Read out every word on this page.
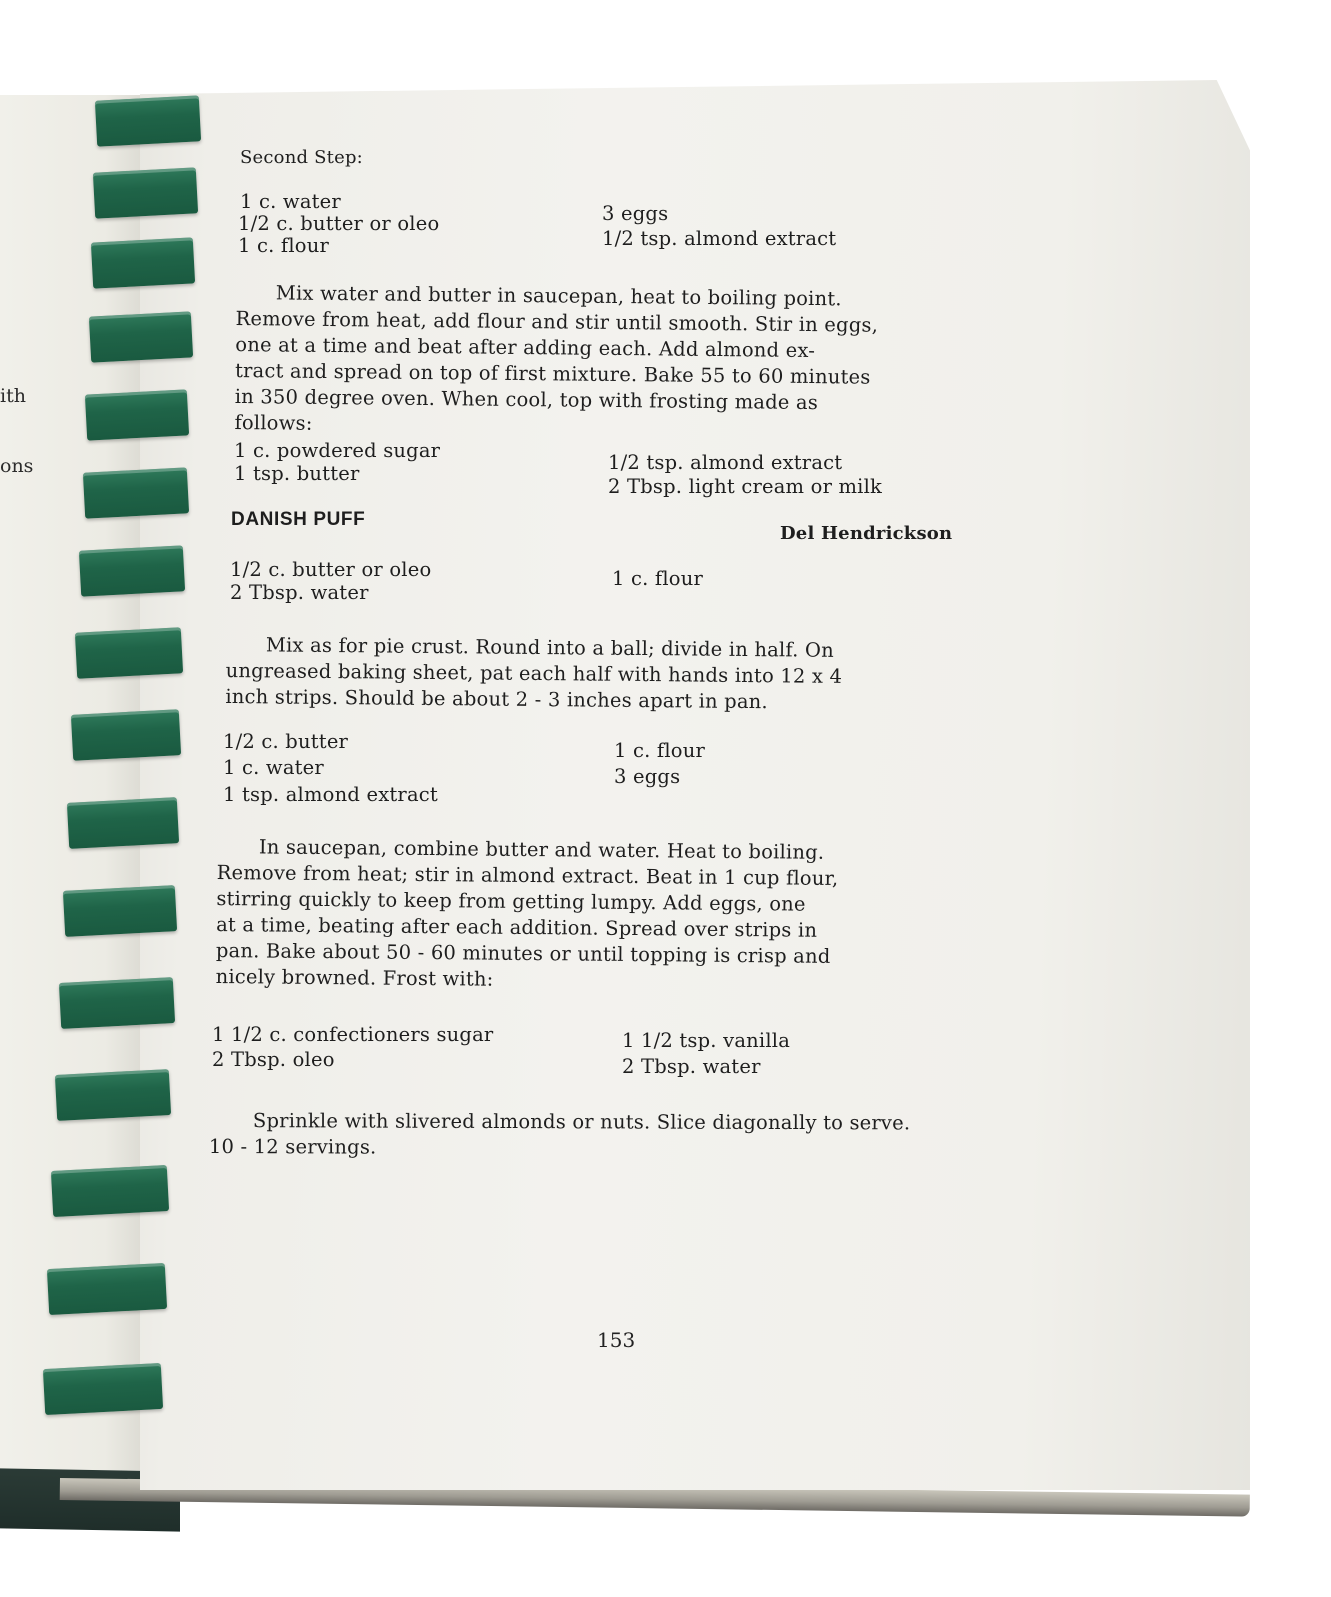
ith
ons
Second Step:
1 c. water
1/2 c. butter or oleo
1 c. flour
3 eggs
1/2 tsp. almond extract
Mix water and butter in saucepan, heat to boiling point.
Remove from heat, add flour and stir until smooth. Stir in eggs,
one at a time and beat after adding each. Add almond ex-
tract and spread on top of first mixture. Bake 55 to 60 minutes
in 350 degree oven. When cool, top with frosting made as
follows:
1 c. powdered sugar
1 tsp. butter	1/2 tsp. almond extract
2 Tbsp. light cream or milk
DANISH PUFF
Del Hendrickson
1/2 c. butter or oleo
2 Tbsp. water
1 c. flour
Mix as for pie crust. Round into a ball; divide in half. On
ungreased baking sheet, pat each half with hands into 12 x 4
inch strips. Should be about 2 - 3 inches apart in pan.
1/2 c. butter
1 c. water
1 tsp. almond extract
1 c. flour
3 eggs
In saucepan, combine butter and water. Heat to boiling.
Remove from heat; stir in almond extract. Beat in 1 cup flour,
stirring quickly to keep from getting lumpy. Add eggs, one
at a time, beating after each addition. Spread over strips in
pan. Bake about 50 - 60 minutes or until topping is crisp and
nicely browned. Frost with:
1 1/2 c. confectioners sugar
2 Tbsp. oleo
1 1/2 tsp. vanilla
2 Tbsp. water
Sprinkle with slivered almonds or nuts. Slice diagonally to serve.
10 - 12 servings.
153
